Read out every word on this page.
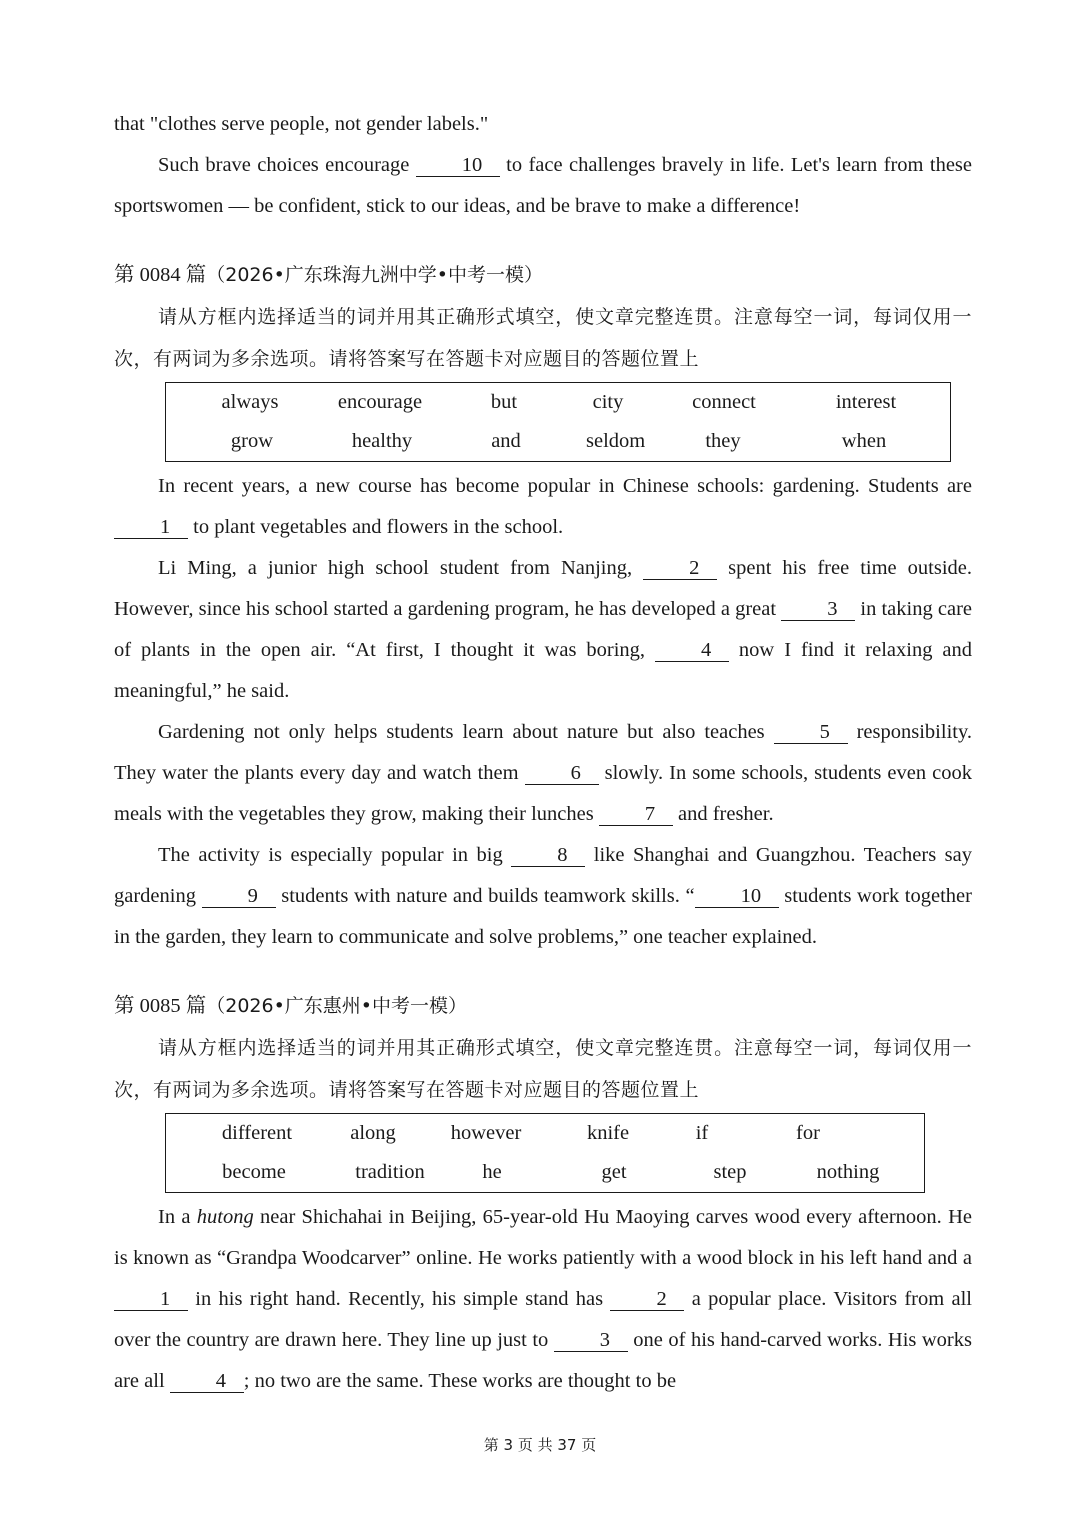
that "clothes serve people, not gender labels."

Such brave choices encourage 10 to face challenges bravely in life. Let's learn from these sportswomen — be confident, stick to our ideas, and be brave to make a difference!

第 0084 篇（2026•广东珠海九洲中学•中考一模）

请从方框内选择适当的词并用其正确形式填空，使文章完整连贯。注意每空一词，每词仅用一次，有两词为多余选项。请将答案写在答题卡对应题目的答题位置上

always	encourage	but	city	connect	interest
grow	healthy	and	seldom	they	when

In recent years, a new course has become popular in Chinese schools: gardening. Students are 1 to plant vegetables and flowers in the school.

Li Ming, a junior high school student from Nanjing, 2 spent his free time outside. However, since his school started a gardening program, he has developed a great 3 in taking care of plants in the open air. “At first, I thought it was boring, 4 now I find it relaxing and meaningful,” he said.

Gardening not only helps students learn about nature but also teaches 5 responsibility. They water the plants every day and watch them 6 slowly. In some schools, students even cook meals with the vegetables they grow, making their lunches 7 and fresher.

The activity is especially popular in big 8 like Shanghai and Guangzhou. Teachers say gardening 9 students with nature and builds teamwork skills. “ 10 students work together in the garden, they learn to communicate and solve problems,” one teacher explained.

第 0085 篇（2026•广东惠州•中考一模）

请从方框内选择适当的词并用其正确形式填空，使文章完整连贯。注意每空一词，每词仅用一次，有两词为多余选项。请将答案写在答题卡对应题目的答题位置上

different	along	however	knife	if	for
become	tradition	he	get	step	nothing

In a hutong near Shichahai in Beijing, 65-year-old Hu Maoying carves wood every afternoon. He is known as “Grandpa Woodcarver” online. He works patiently with a wood block in his left hand and a 1 in his right hand. Recently, his simple stand has 2 a popular place. Visitors from all over the country are drawn here. They line up just to 3 one of his hand-carved works. His works are all 4 ; no two are the same. These works are thought to be

第 3 页 共 37 页
